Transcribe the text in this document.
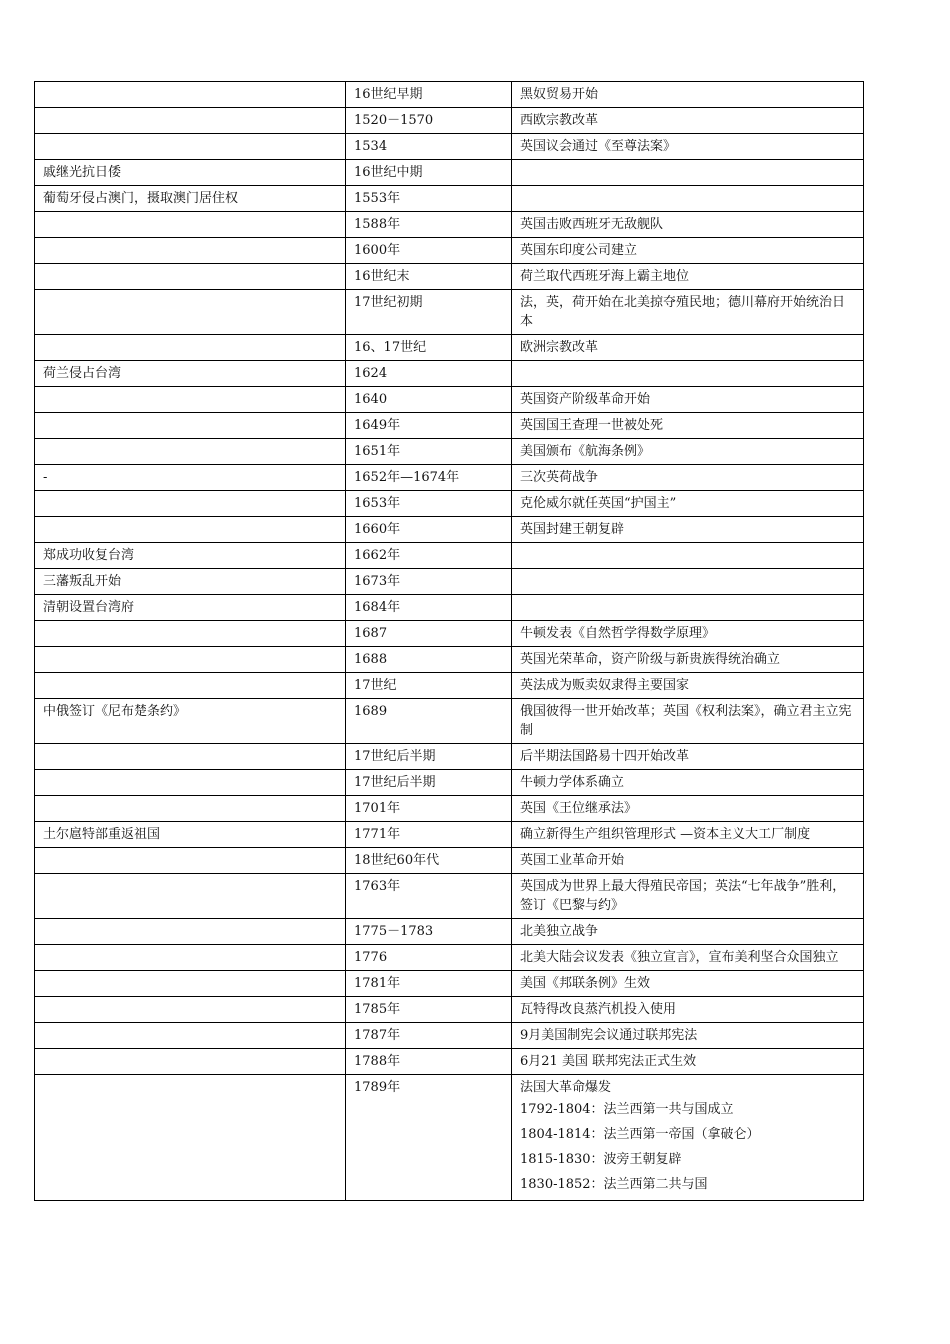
	16世纪早期	黑奴贸易开始
	1520－1570	西欧宗教改革
	1534	英国议会通过《至尊法案》
戚继光抗日倭	16世纪中期	
葡萄牙侵占澳门，摄取澳门居住权	1553年	
	1588年	英国击败西班牙无敌舰队
	1600年	英国东印度公司建立
	16世纪末	荷兰取代西班牙海上霸主地位
	17世纪初期	法，英，荷开始在北美掠夺殖民地；德川幕府开始统治日本
	16、17世纪	欧洲宗教改革
荷兰侵占台湾	1624	
	1640	英国资产阶级革命开始
	1649年	英国国王查理一世被处死
	1651年	美国颁布《航海条例》
-	1652年—1674年	三次英荷战争
	1653年	克伦威尔就任英国“护国主”
	1660年	英国封建王朝复辟
郑成功收复台湾	1662年	
三藩叛乱开始	1673年	
清朝设置台湾府	1684年	
	1687	牛顿发表《自然哲学得数学原理》
	1688	英国光荣革命，资产阶级与新贵族得统治确立
	17世纪	英法成为贩卖奴隶得主要国家
中俄签订《尼布楚条约》	1689	俄国彼得一世开始改革；英国《权利法案》，确立君主立宪制
	17世纪后半期	后半期法国路易十四开始改革
	17世纪后半期	牛顿力学体系确立
	1701年	英国《王位继承法》
土尔扈特部重返祖国	1771年	确立新得生产组织管理形式 —资本主义大工厂制度
	18世纪60年代	英国工业革命开始
	1763年	英国成为世界上最大得殖民帝国；英法“七年战争”胜利，签订《巴黎与约》
	1775－1783	北美独立战争
	1776	北美大陆会议发表《独立宣言》，宣布美利坚合众国独立
	1781年	美国《邦联条例》生效
	1785年	瓦特得改良蒸汽机投入使用
	1787年	9月美国制宪会议通过联邦宪法
	1788年	6月21 美国 联邦宪法正式生效
	1789年	法国大革命爆发
1792-1804：法兰西第一共与国成立
1804-1814：法兰西第一帝国（拿破仑）
1815-1830：波旁王朝复辟
1830-1852：法兰西第二共与国
